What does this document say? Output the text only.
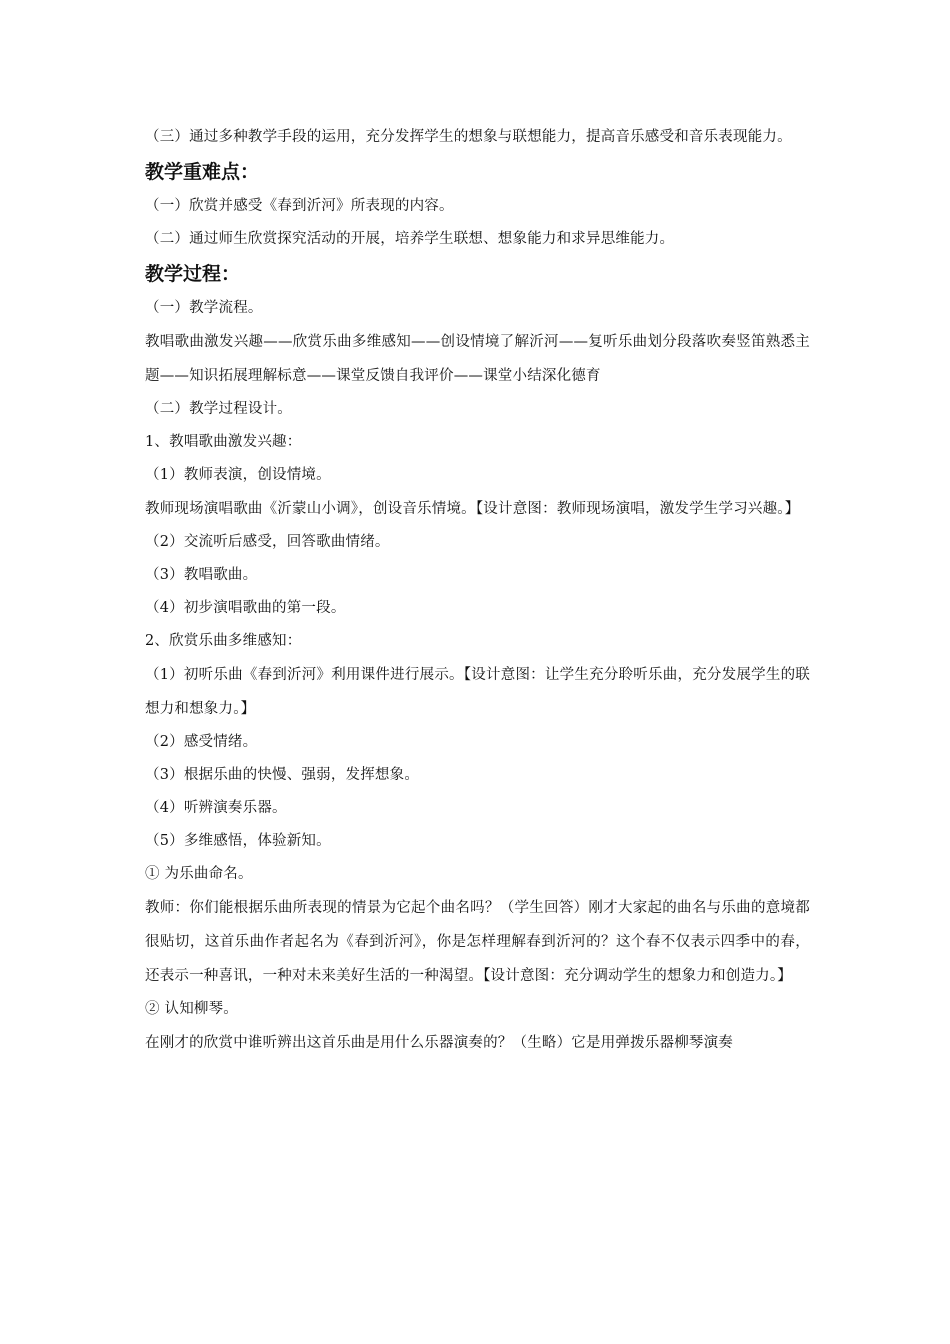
（三）通过多种教学手段的运用，充分发挥学生的想象与联想能力，提高音乐感受和音乐表现能力。

教学重难点：

（一）欣赏并感受《春到沂河》所表现的内容。

（二）通过师生欣赏探究活动的开展，培养学生联想、想象能力和求异思维能力。

教学过程：

（一）教学流程。

教唱歌曲激发兴趣——欣赏乐曲多维感知——创设情境了解沂河——复听乐曲划分段落吹奏竖笛熟悉主题——知识拓展理解标意——课堂反馈自我评价——课堂小结深化德育

（二）教学过程设计。

1、教唱歌曲激发兴趣：

（1）教师表演，创设情境。

教师现场演唱歌曲《沂蒙山小调》，创设音乐情境。【设计意图：教师现场演唱，激发学生学习兴趣。】

（2）交流听后感受，回答歌曲情绪。

（3）教唱歌曲。

（4）初步演唱歌曲的第一段。

2、欣赏乐曲多维感知：

（1）初听乐曲《春到沂河》利用课件进行展示。【设计意图：让学生充分聆听乐曲，充分发展学生的联想力和想象力。】

（2）感受情绪。

（3）根据乐曲的快慢、强弱，发挥想象。

（4）听辨演奏乐器。

（5）多维感悟，体验新知。

① 为乐曲命名。

教师：你们能根据乐曲所表现的情景为它起个曲名吗？（学生回答）刚才大家起的曲名与乐曲的意境都很贴切，这首乐曲作者起名为《春到沂河》，你是怎样理解春到沂河的？这个春不仅表示四季中的春，还表示一种喜讯，一种对未来美好生活的一种渴望。【设计意图：充分调动学生的想象力和创造力。】

② 认知柳琴。

在刚才的欣赏中谁听辨出这首乐曲是用什么乐器演奏的？（生略）它是用弹拨乐器柳琴演奏
